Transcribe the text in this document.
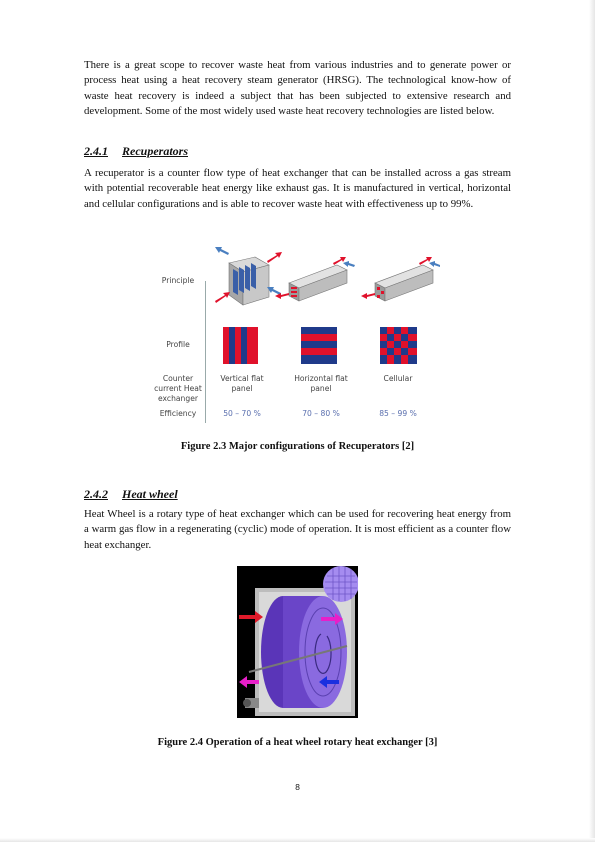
There is a great scope to recover waste heat from various industries and to generate power or process heat using a heat recovery steam generator (HRSG). The technological know-how of waste heat recovery is indeed a subject that has been subjected to extensive research and development. Some of the most widely used waste heat recovery technologies are listed below.

2.4.1 Recuperators

A recuperator is a counter flow type of heat exchanger that can be installed across a gas stream with potential recoverable heat energy like exhaust gas. It is manufactured in vertical, horizontal and cellular configurations and is able to recover waste heat with effectiveness up to 99%.

Principle
Profile
Counter current Heat exchanger
Efficiency
Vertical flat panel
Horizontal flat panel
Cellular
50 – 70 %	70 – 80 %	85 – 99 %

Figure 2.3 Major configurations of Recuperators [2]

2.4.2 Heat wheel

Heat Wheel is a rotary type of heat exchanger which can be used for recovering heat energy from a warm gas flow in a regenerating (cyclic) mode of operation. It is most efficient as a counter flow heat exchanger.

Figure 2.4 Operation of a heat wheel rotary heat exchanger [3]

8
